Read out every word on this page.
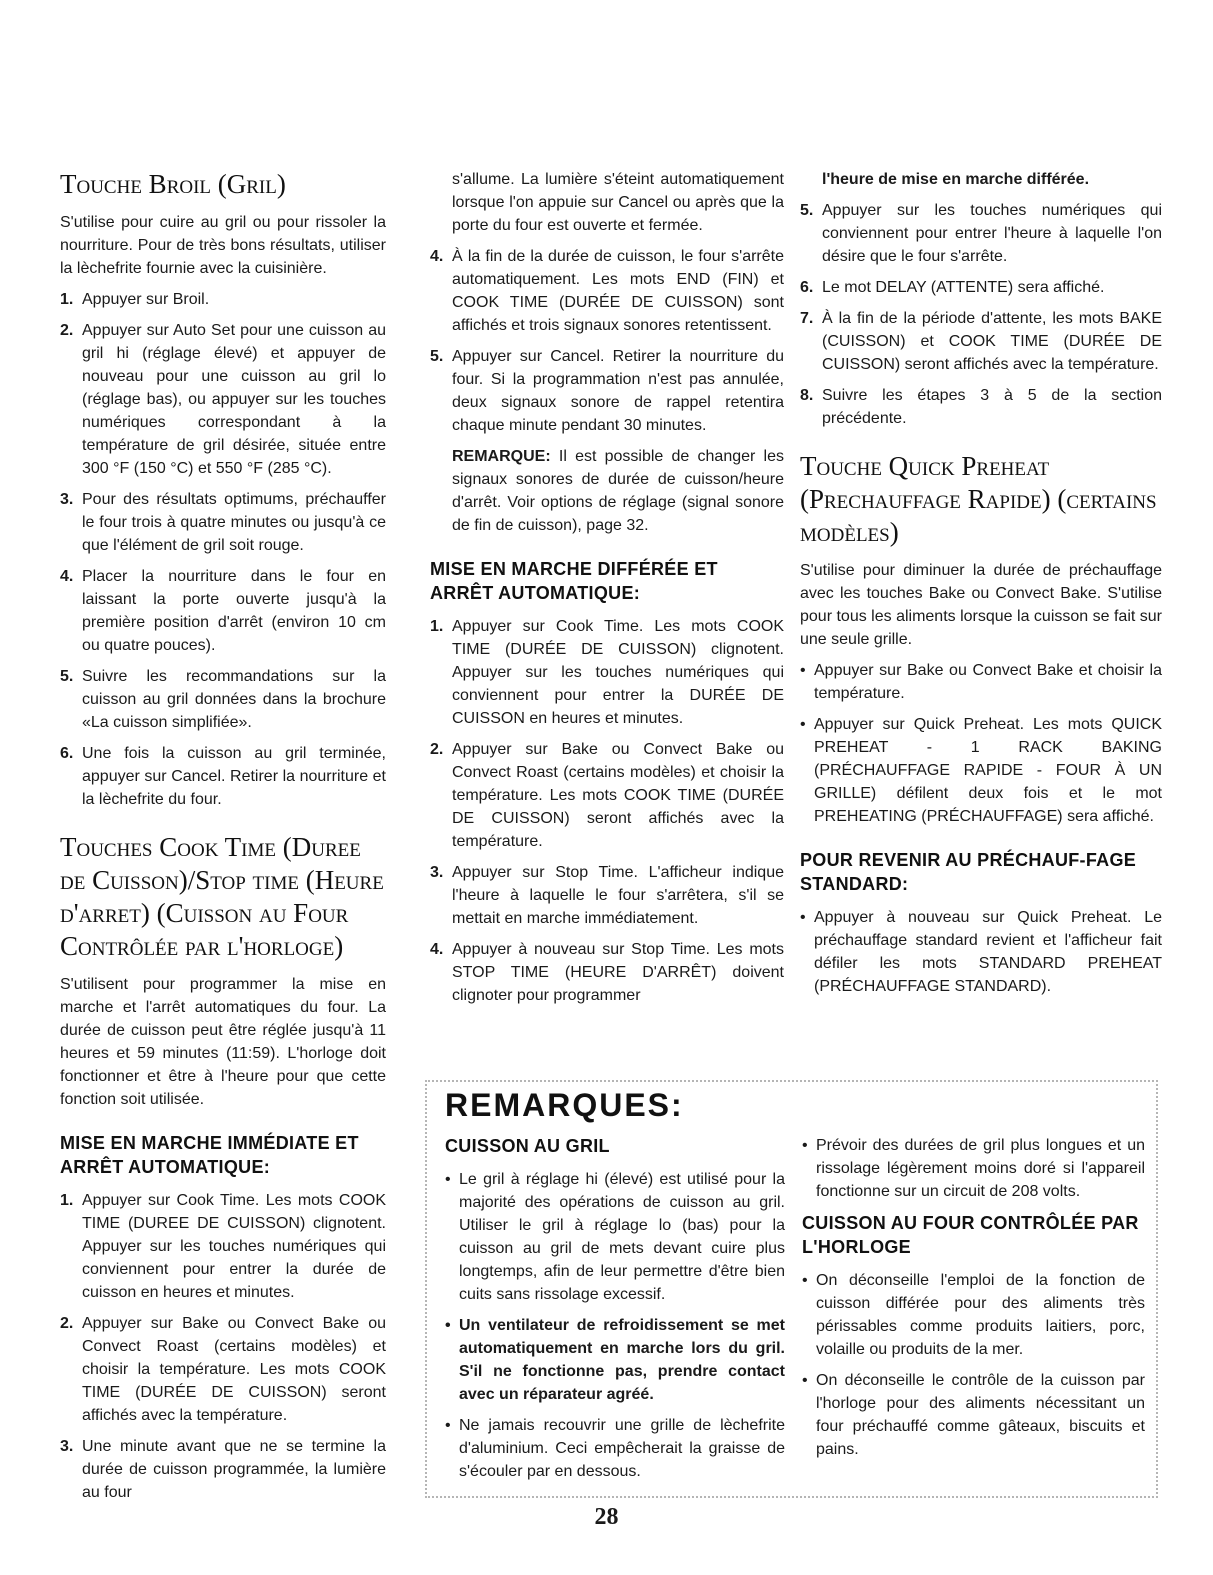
Touche Broil (Gril)

S'utilise pour cuire au gril ou pour rissoler la nourriture. Pour de très bons résultats, utiliser la lèchefrite fournie avec la cuisinière.

1. Appuyer sur Broil.
2. Appuyer sur Auto Set pour une cuisson au gril hi (réglage élevé) et appuyer de nouveau pour une cuisson au gril lo (réglage bas), ou appuyer sur les touches numériques correspondant à la température de gril désirée, située entre 300 °F (150 °C) et 550 °F (285 °C).
3. Pour des résultats optimums, préchauffer le four trois à quatre minutes ou jusqu'à ce que l'élément de gril soit rouge.
4. Placer la nourriture dans le four en laissant la porte ouverte jusqu'à la première position d'arrêt (environ 10 cm ou quatre pouces).
5. Suivre les recommandations sur la cuisson au gril données dans la brochure «La cuisson simplifiée».
6. Une fois la cuisson au gril terminée, appuyer sur Cancel. Retirer la nourriture et la lèchefrite du four.
Touches Cook Time (Duree de Cuisson)/Stop time (Heure d'arret) (Cuisson au Four Contrôlée par l'horloge)

S'utilisent pour programmer la mise en marche et l'arrêt automatiques du four. La durée de cuisson peut être réglée jusqu'à 11 heures et 59 minutes (11:59). L'horloge doit fonctionner et être à l'heure pour que cette fonction soit utilisée.

MISE EN MARCHE IMMÉDIATE ET ARRÊT AUTOMATIQUE:
1. Appuyer sur Cook Time. Les mots COOK TIME (DUREE DE CUISSON) clignotent. Appuyer sur les touches numériques qui conviennent pour entrer la durée de cuisson en heures et minutes.
2. Appuyer sur Bake ou Convect Bake ou Convect Roast (certains modèles) et choisir la température. Les mots COOK TIME (DURÉE DE CUISSON) seront affichés avec la température.
3. Une minute avant que ne se termine la durée de cuisson programmée, la lumière au four

s'allume. La lumière s'éteint automatiquement lorsque l'on appuie sur Cancel ou après que la porte du four est ouverte et fermée.

4. À la fin de la durée de cuisson, le four s'arrête automatiquement. Les mots END (FIN) et COOK TIME (DURÉE DE CUISSON) sont affichés et trois signaux sonores retentissent.
5. Appuyer sur Cancel. Retirer la nourriture du four. Si la programmation n'est pas annulée, deux signaux sonore de rappel retentira chaque minute pendant 30 minutes.

REMARQUE: Il est possible de changer les signaux sonores de durée de cuisson/heure d'arrêt. Voir options de réglage (signal sonore de fin de cuisson), page 32.

MISE EN MARCHE DIFFÉRÉE ET ARRÊT AUTOMATIQUE:
1. Appuyer sur Cook Time. Les mots COOK TIME (DURÉE DE CUISSON) clignotent. Appuyer sur les touches numériques qui conviennent pour entrer la DURÉE DE CUISSON en heures et minutes.
2. Appuyer sur Bake ou Convect Bake ou Convect Roast (certains modèles) et choisir la température. Les mots COOK TIME (DURÉE DE CUISSON) seront affichés avec la température.
3. Appuyer sur Stop Time. L'afficheur indique l'heure à laquelle le four s'arrêtera, s'il se mettait en marche immédiatement.
4. Appuyer à nouveau sur Stop Time. Les mots STOP TIME (HEURE D'ARRÊT) doivent clignoter pour programmer

l'heure de mise en marche différée.

5. Appuyer sur les touches numériques qui conviennent pour entrer l'heure à laquelle l'on désire que le four s'arrête.
6. Le mot DELAY (ATTENTE) sera affiché.
7. À la fin de la période d'attente, les mots BAKE (CUISSON) et COOK TIME (DURÉE DE CUISSON) seront affichés avec la température.
8. Suivre les étapes 3 à 5 de la section précédente.
Touche Quick Preheat (Prechauffage Rapide) (certains modèles)

S'utilise pour diminuer la durée de préchauffage avec les touches Bake ou Convect Bake. S'utilise pour tous les aliments lorsque la cuisson se fait sur une seule grille.

• Appuyer sur Bake ou Convect Bake et choisir la température.
• Appuyer sur Quick Preheat. Les mots QUICK PREHEAT - 1 RACK BAKING (PRÉCHAUFFAGE RAPIDE - FOUR À UN GRILLE) défilent deux fois et le mot PREHEATING (PRÉCHAUFFAGE) sera affiché.
POUR REVENIR AU PRÉCHAUF-FAGE STANDARD:
• Appuyer à nouveau sur Quick Preheat. Le préchauffage standard revient et l'afficheur fait défiler les mots STANDARD PREHEAT (PRÉCHAUFFAGE STANDARD).
REMARQUES:
CUISSON AU GRIL
• Le gril à réglage hi (élevé) est utilisé pour la majorité des opérations de cuisson au gril. Utiliser le gril à réglage lo (bas) pour la cuisson au gril de mets devant cuire plus longtemps, afin de leur permettre d'être bien cuits sans rissolage excessif.
• Un ventilateur de refroidissement se met automatiquement en marche lors du gril. S'il ne fonctionne pas, prendre contact avec un réparateur agréé.
• Ne jamais recouvrir une grille de lèchefrite d'aluminium. Ceci empêcherait la graisse de s'écouler par en dessous.
• Prévoir des durées de gril plus longues et un rissolage légèrement moins doré si l'appareil fonctionne sur un circuit de 208 volts.
CUISSON AU FOUR CONTRÔLÉE PAR L'HORLOGE
• On déconseille l'emploi de la fonction de cuisson différée pour des aliments très périssables comme produits laitiers, porc, volaille ou produits de la mer.
• On déconseille le contrôle de la cuisson par l'horloge pour des aliments nécessitant un four préchauffé comme gâteaux, biscuits et pains.
28
